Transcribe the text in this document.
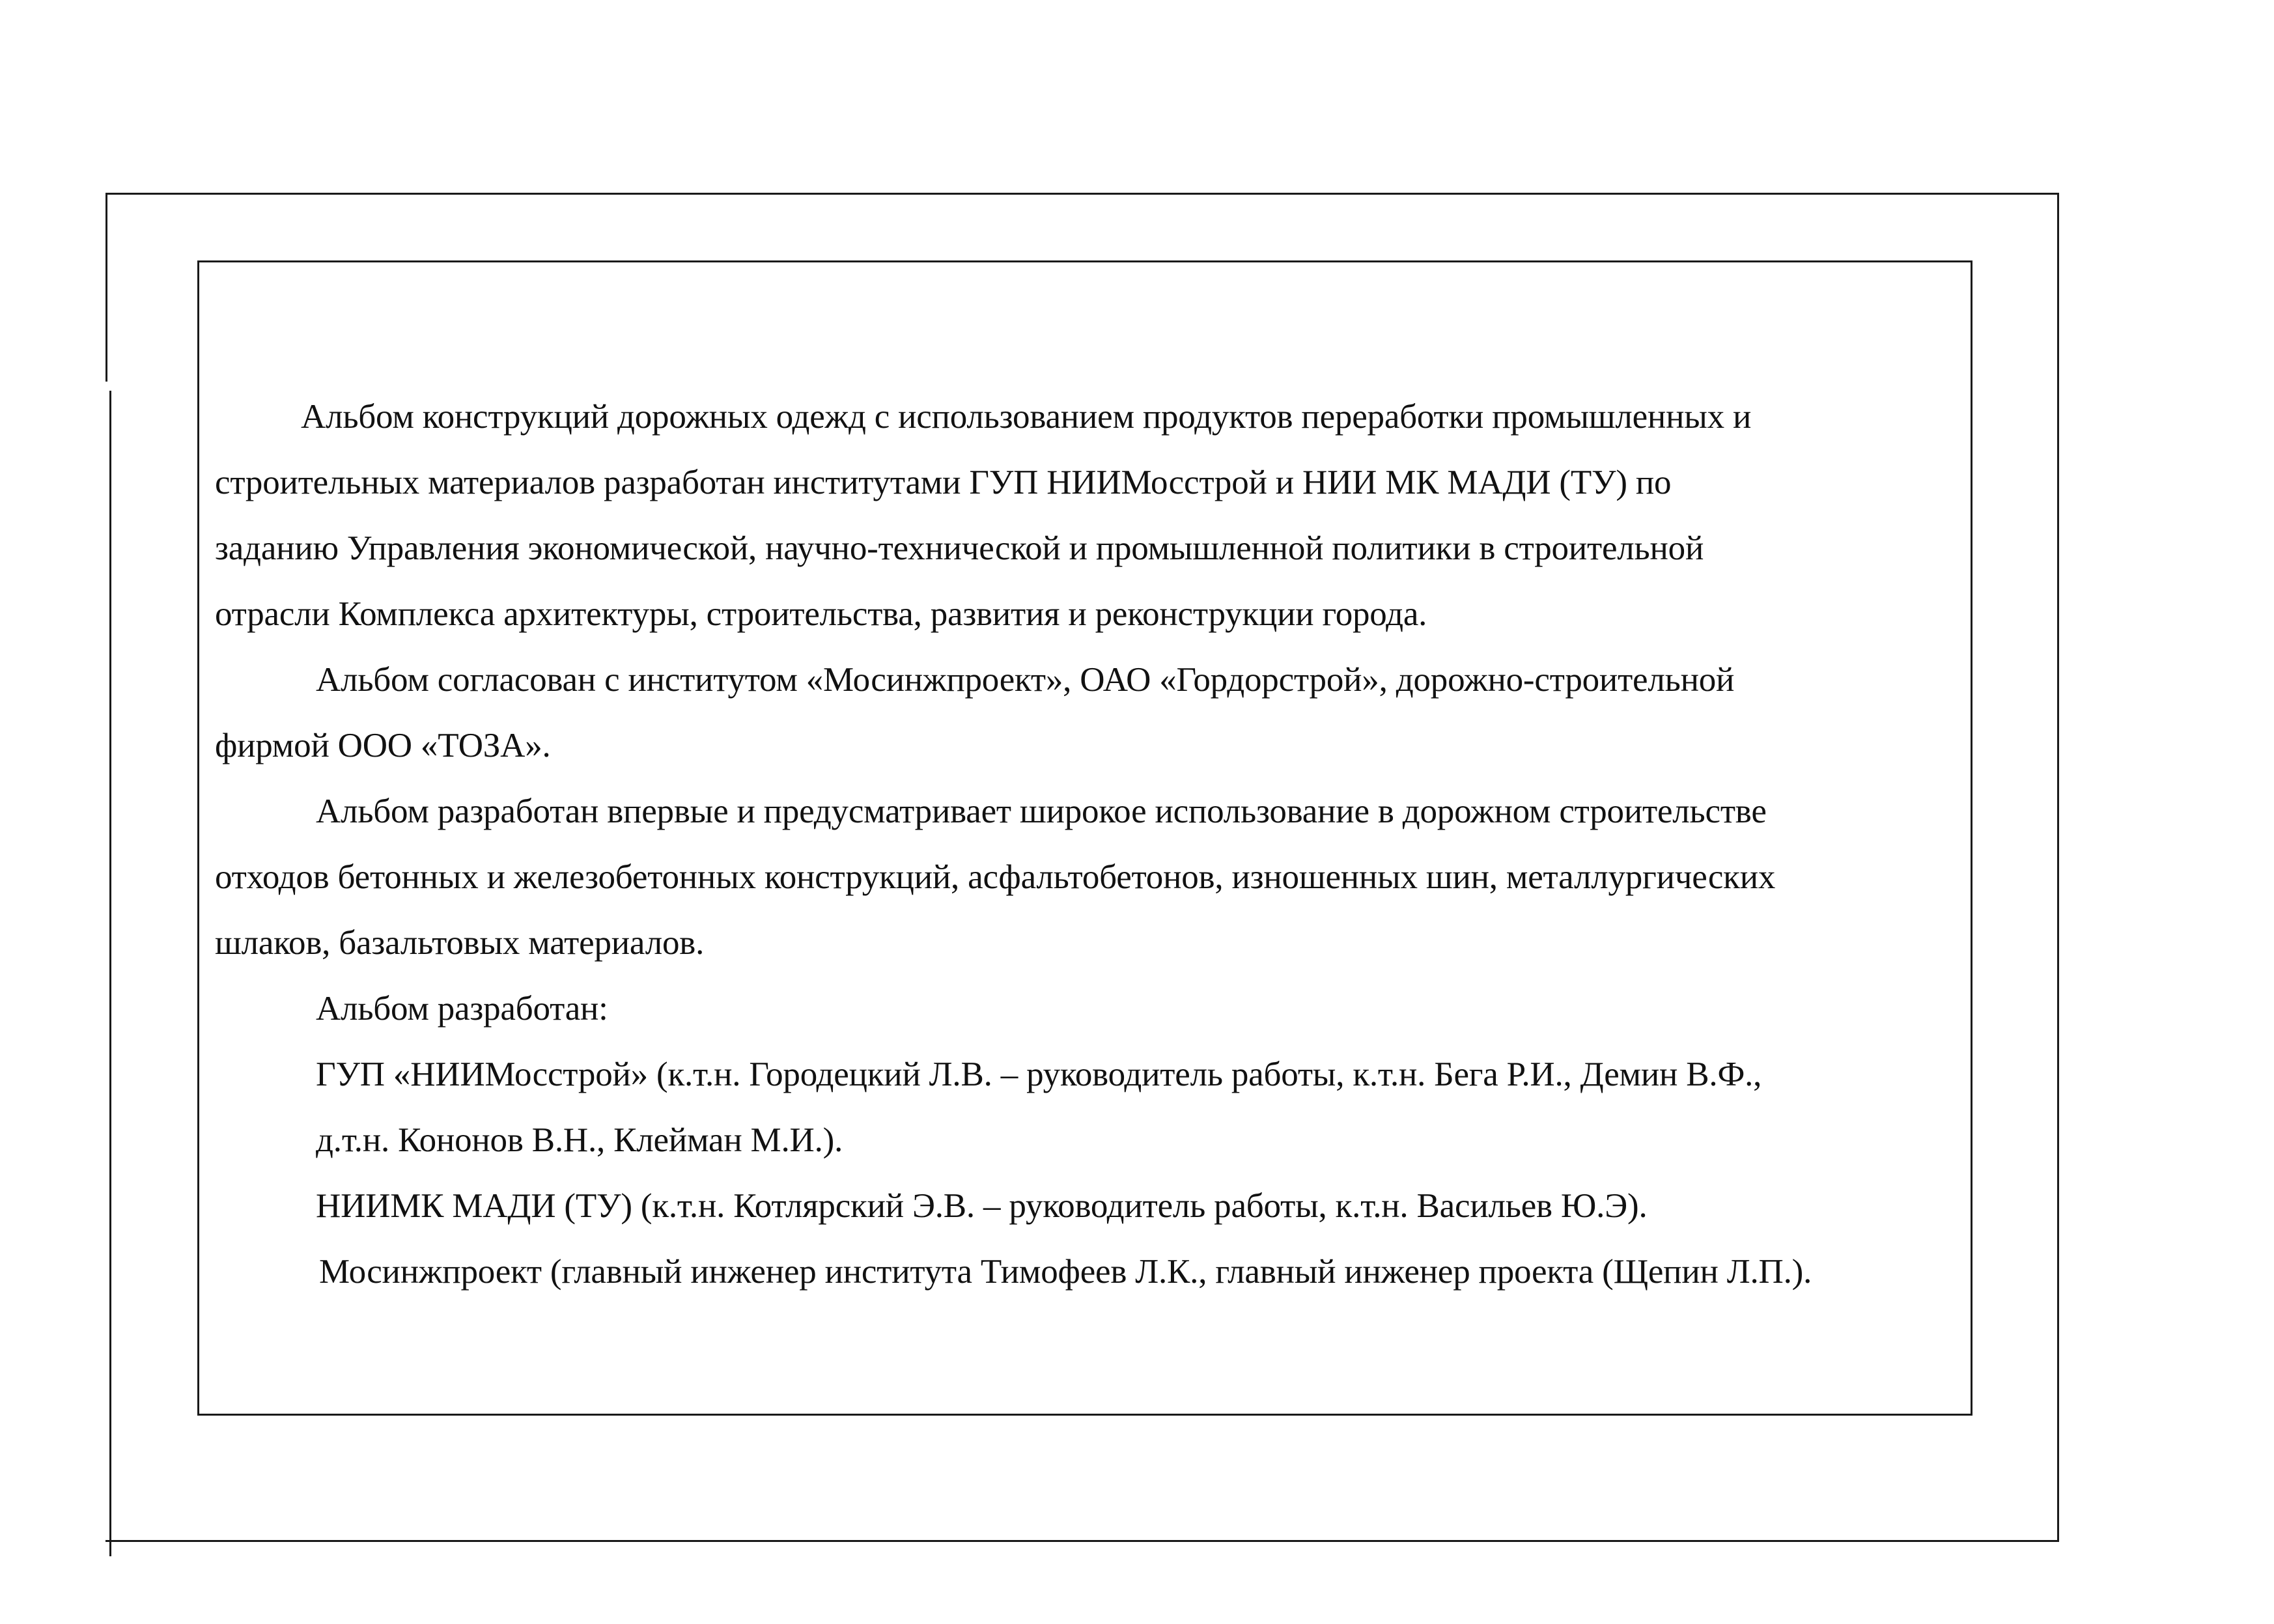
Альбом конструкций дорожных одежд с использованием продуктов переработки промышленных и
строительных материалов разработан институтами ГУП НИИМосстрой и НИИ МК МАДИ (ТУ) по
заданию Управления экономической, научно-технической и промышленной политики в строительной
отрасли Комплекса архитектуры, строительства, развития и реконструкции города.
Альбом согласован с институтом «Мосинжпроект», ОАО «Гордорстрой», дорожно-строительной
фирмой ООО «ТОЗА».
Альбом разработан впервые и предусматривает широкое использование в дорожном строительстве
отходов бетонных и железобетонных конструкций, асфальтобетонов, изношенных шин, металлургических
шлаков, базальтовых материалов.
Альбом разработан:
ГУП «НИИМосстрой» (к.т.н. Городецкий Л.В. – руководитель работы, к.т.н. Бега Р.И., Демин В.Ф.,
д.т.н. Кононов В.Н., Клейман М.И.).
НИИМК МАДИ (ТУ) (к.т.н. Котлярский Э.В. – руководитель работы, к.т.н. Васильев Ю.Э).
Мосинжпроект (главный инженер института Тимофеев Л.К., главный инженер проекта (Щепин Л.П.).
